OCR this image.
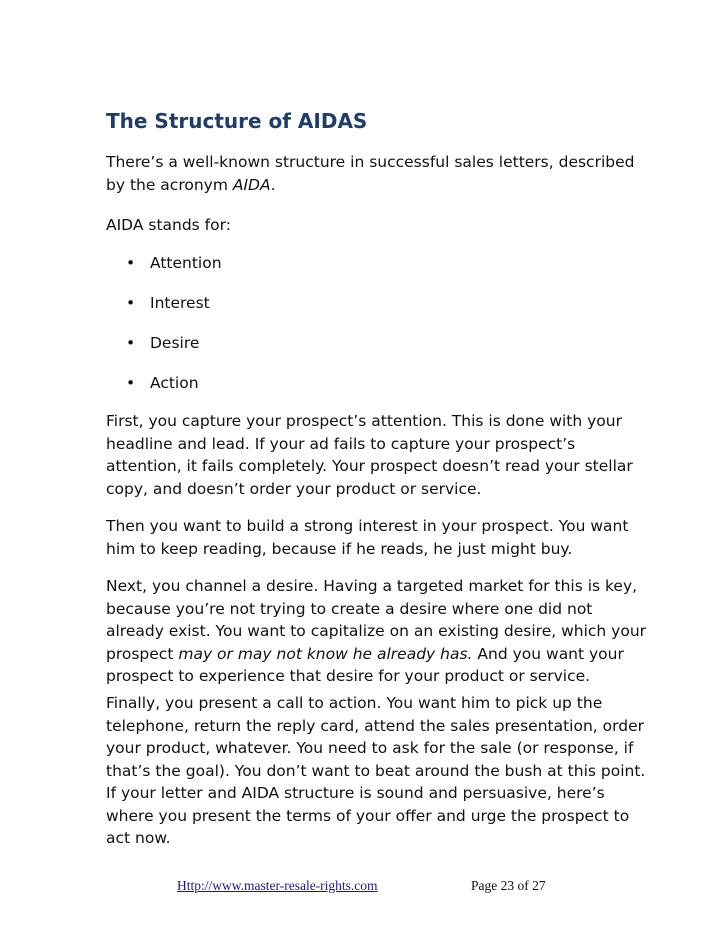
The Structure of AIDAS

There’s a well-known structure in successful sales letters, described
by the acronym AIDA.

AIDA stands for:

• Attention
• Interest
• Desire
• Action

First, you capture your prospect’s attention. This is done with your
headline and lead. If your ad fails to capture your prospect’s
attention, it fails completely. Your prospect doesn’t read your stellar
copy, and doesn’t order your product or service.

Then you want to build a strong interest in your prospect. You want
him to keep reading, because if he reads, he just might buy.

Next, you channel a desire. Having a targeted market for this is key,
because you’re not trying to create a desire where one did not
already exist. You want to capitalize on an existing desire, which your
prospect may or may not know he already has. And you want your
prospect to experience that desire for your product or service.

Finally, you present a call to action. You want him to pick up the
telephone, return the reply card, attend the sales presentation, order
your product, whatever. You need to ask for the sale (or response, if
that’s the goal). You don’t want to beat around the bush at this point.
If your letter and AIDA structure is sound and persuasive, here’s
where you present the terms of your offer and urge the prospect to
act now.

Http://www.master-resale-rights.com	Page 23 of 27
